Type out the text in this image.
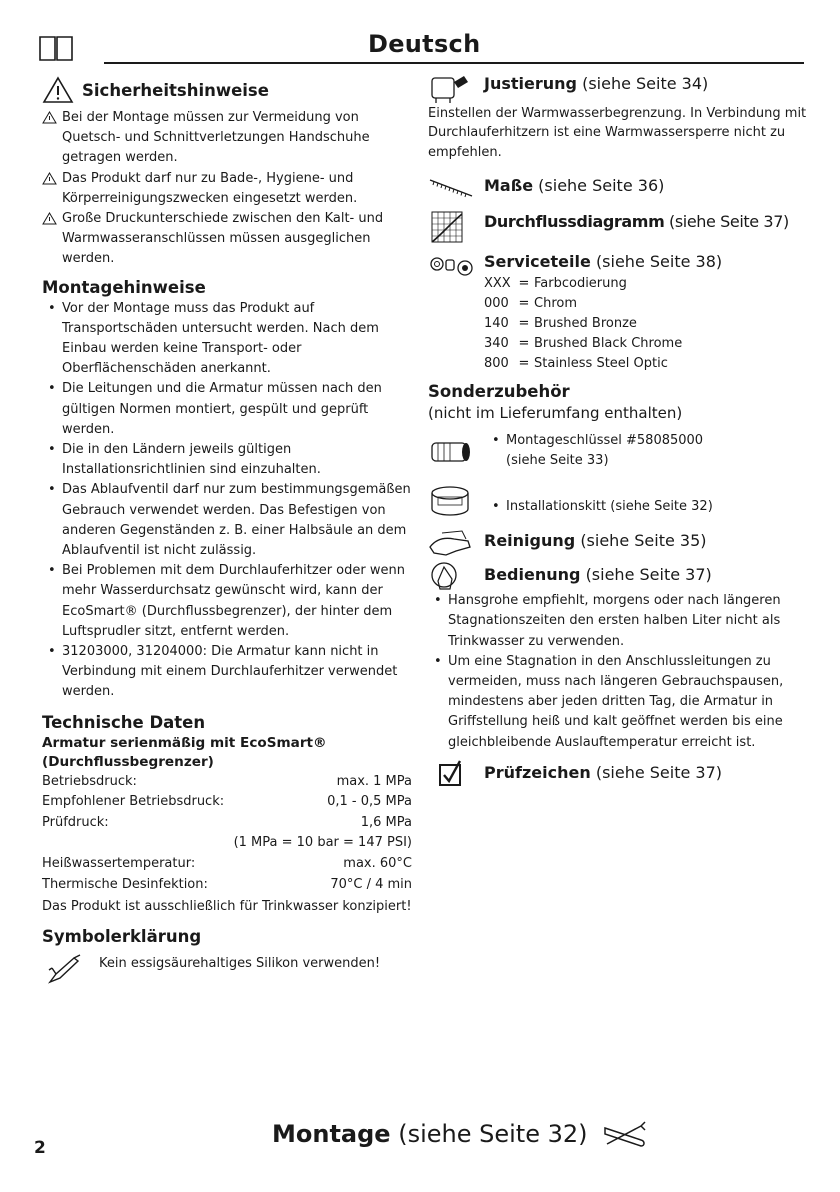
Deutsch
Sicherheitshinweise

Bei der Montage müssen zur Vermeidung von Quetsch- und Schnittverletzungen Handschuhe getragen werden.

Das Produkt darf nur zu Bade-, Hygiene- und Körperreinigungszwecken eingesetzt werden.

Große Druckunterschiede zwischen den Kalt- und Warmwasseranschlüssen müssen ausgeglichen werden.

Montagehinweise
• Vor der Montage muss das Produkt auf Transportschäden untersucht werden. Nach dem Einbau werden keine Transport- oder Oberflächenschäden anerkannt.
• Die Leitungen und die Armatur müssen nach den gültigen Normen montiert, gespült und geprüft werden.
• Die in den Ländern jeweils gültigen Installationsrichtlinien sind einzuhalten.
• Das Ablaufventil darf nur zum bestimmungsgemäßen Gebrauch verwendet werden. Das Befestigen von anderen Gegenständen z. B. einer Halbsäule an dem Ablaufventil ist nicht zulässig.
• Bei Problemen mit dem Durchlauferhitzer oder wenn mehr Wasserdurchsatz gewünscht wird, kann der EcoSmart® (Durchflussbegrenzer), der hinter dem Luftsprudler sitzt, entfernt werden.
• 31203000, 31204000: Die Armatur kann nicht in Verbindung mit einem Durchlauferhitzer verwendet werden.
Technische Daten
Armatur serienmäßig mit EcoSmart® (Durchflussbegrenzer)
Betriebsdruck:	max. 1 MPa
Empfohlener Betriebsdruck:	0,1 - 0,5 MPa
Prüfdruck:	1,6 MPa
(1 MPa = 10 bar = 147 PSI)
Heißwassertemperatur:	max. 60°C
Thermische Desinfektion:	70°C / 4 min

Das Produkt ist ausschließlich für Trinkwasser konzipiert!

Symbolerklärung
Kein essigsäurehaltiges Silikon verwenden!

Justierung (siehe Seite 34)

Einstellen der Warmwasserbegrenzung. In Verbindung mit Durchlauferhitzern ist eine Warmwassersperre nicht zu empfehlen.

Maße (siehe Seite 36)

Durchflussdiagramm (siehe Seite 37)

Serviceteile (siehe Seite 38)

XXX = Farbcodierung
000 = Chrom
140 = Brushed Bronze
340 = Brushed Black Chrome
800 = Stainless Steel Optic
Sonderzubehör

(nicht im Lieferumfang enthalten)

• Montageschlüssel #58085000
(siehe Seite 33)
• Installationskitt (siehe Seite 32)

Reinigung (siehe Seite 35)

Bedienung (siehe Seite 37)

• Hansgrohe empfiehlt, morgens oder nach längeren Stagnationszeiten den ersten halben Liter nicht als Trinkwasser zu verwenden.
• Um eine Stagnation in den Anschlussleitungen zu vermeiden, muss nach längeren Gebrauchspausen, mindestens aber jeden dritten Tag, die Armatur in Griffstellung heiß und kalt geöffnet werden bis eine gleichbleibende Auslauftemperatur erreicht ist.

Prüfzeichen (siehe Seite 37)

2	Montage (siehe Seite 32)
